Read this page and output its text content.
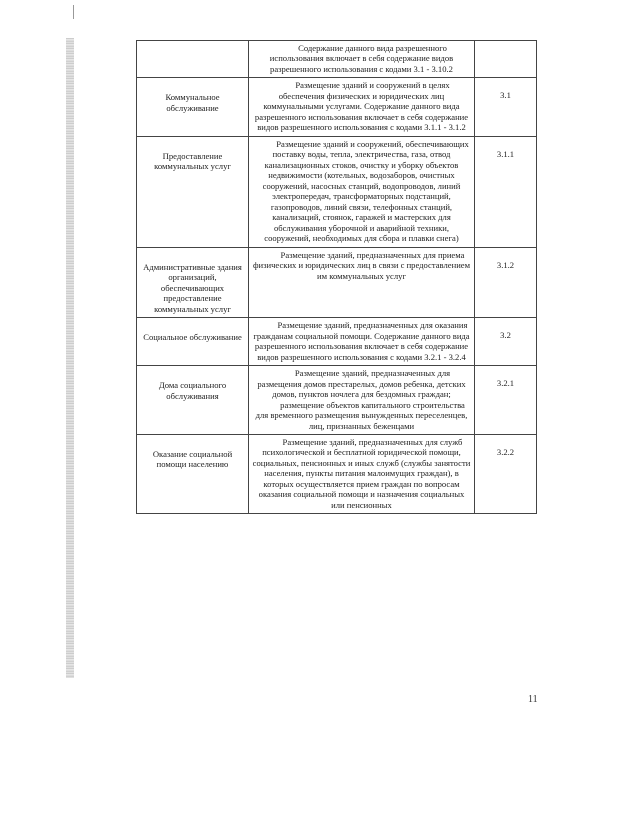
	Содержание данного вида разрешенного использования включает в себя содержание видов разрешенного использования с кодами 3.1 - 3.10.2	

Коммунальное обслуживание	Размещение зданий и сооружений в целях обеспечения физических и юридических лиц коммунальными услугами. Содержание данного вида разрешенного использования включает в себя содержание видов разрешенного использования с кодами 3.1.1 - 3.1.2	3.1

Предоставление коммунальных услуг	Размещение зданий и сооружений, обеспечивающих поставку воды, тепла, электричества, газа, отвод канализационных стоков, очистку и уборку объектов недвижимости (котельных, водозаборов, очистных сооружений, насосных станций, водопроводов, линий электропередач, трансформаторных подстанций, газопроводов, линий связи, телефонных станций, канализаций, стоянок, гаражей и мастерских для обслуживания уборочной и аварийной техники, сооружений, необходимых для сбора и плавки снега)	3.1.1

Административные здания организаций, обеспечивающих предоставление коммунальных услуг	Размещение зданий, предназначенных для приема физических и юридических лиц в связи с предоставлением им коммунальных услуг	3.1.2

Социальное обслуживание	Размещение зданий, предназначенных для оказания гражданам социальной помощи. Содержание данного вида разрешенного использования включает в себя содержание видов разрешенного использования с кодами 3.2.1 - 3.2.4	3.2

Дома социального обслуживания	Размещение зданий, предназначенных для размещения домов престарелых, домов ребенка, детских домов, пунктов ночлега для бездомных граждан;
размещение объектов капитального строительства для временного размещения вынужденных переселенцев, лиц, признанных беженцами	3.2.1

Оказание социальной помощи населению	Размещение зданий, предназначенных для служб психологической и бесплатной юридической помощи, социальных, пенсионных и иных служб (службы занятости населения, пункты питания малоимущих граждан), в которых осуществляется прием граждан по вопросам оказания социальной помощи и назначения социальных или пенсионных	3.2.2
11
